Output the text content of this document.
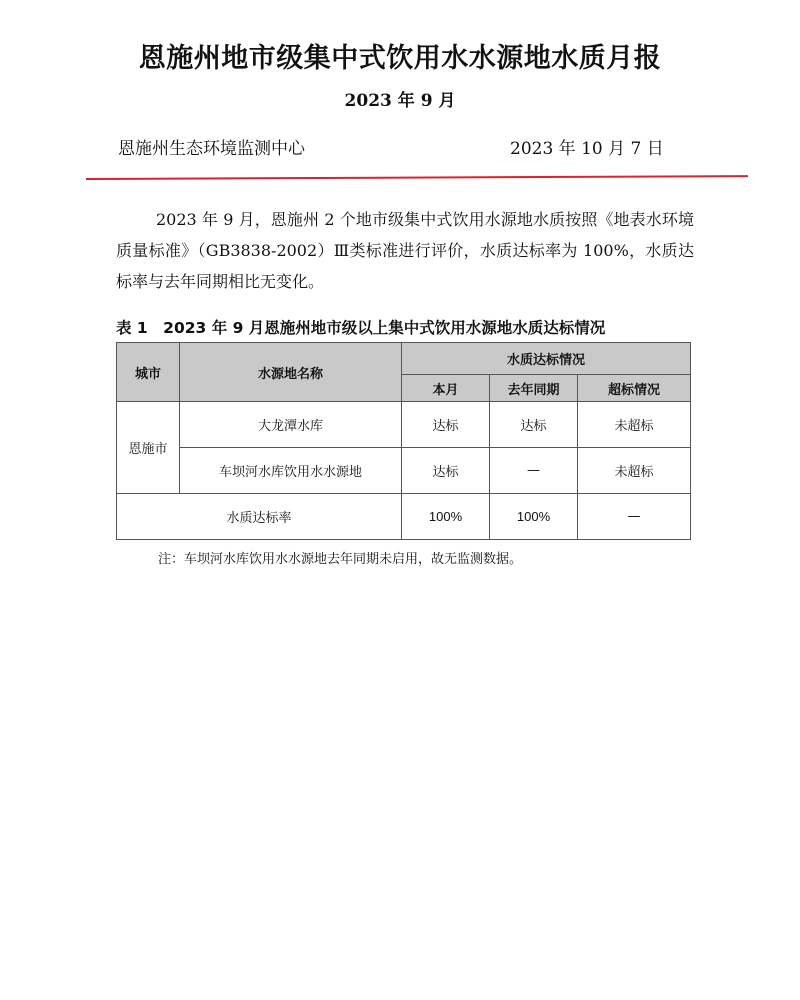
恩施州地市级集中式饮用水水源地水质月报
2023 年 9 月
恩施州生态环境监测中心	2023 年 10 月 7 日
2023 年 9 月，恩施州 2 个地市级集中式饮用水源地水质按照《地表水环境质量标准》（GB3838-2002）Ⅲ类标准进行评价，水质达标率为 100%，水质达标率与去年同期相比无变化。
表 1　2023 年 9 月恩施州地市级以上集中式饮用水源地水质达标情况
城市	水源地名称	水质达标情况		
		本月	去年同期	超标情况
恩施市	大龙潭水库	达标	达标	未超标
	车坝河水库饮用水水源地	达标	—	未超标
水质达标率		100%	100%	—
注：车坝河水库饮用水水源地去年同期未启用，故无监测数据。
